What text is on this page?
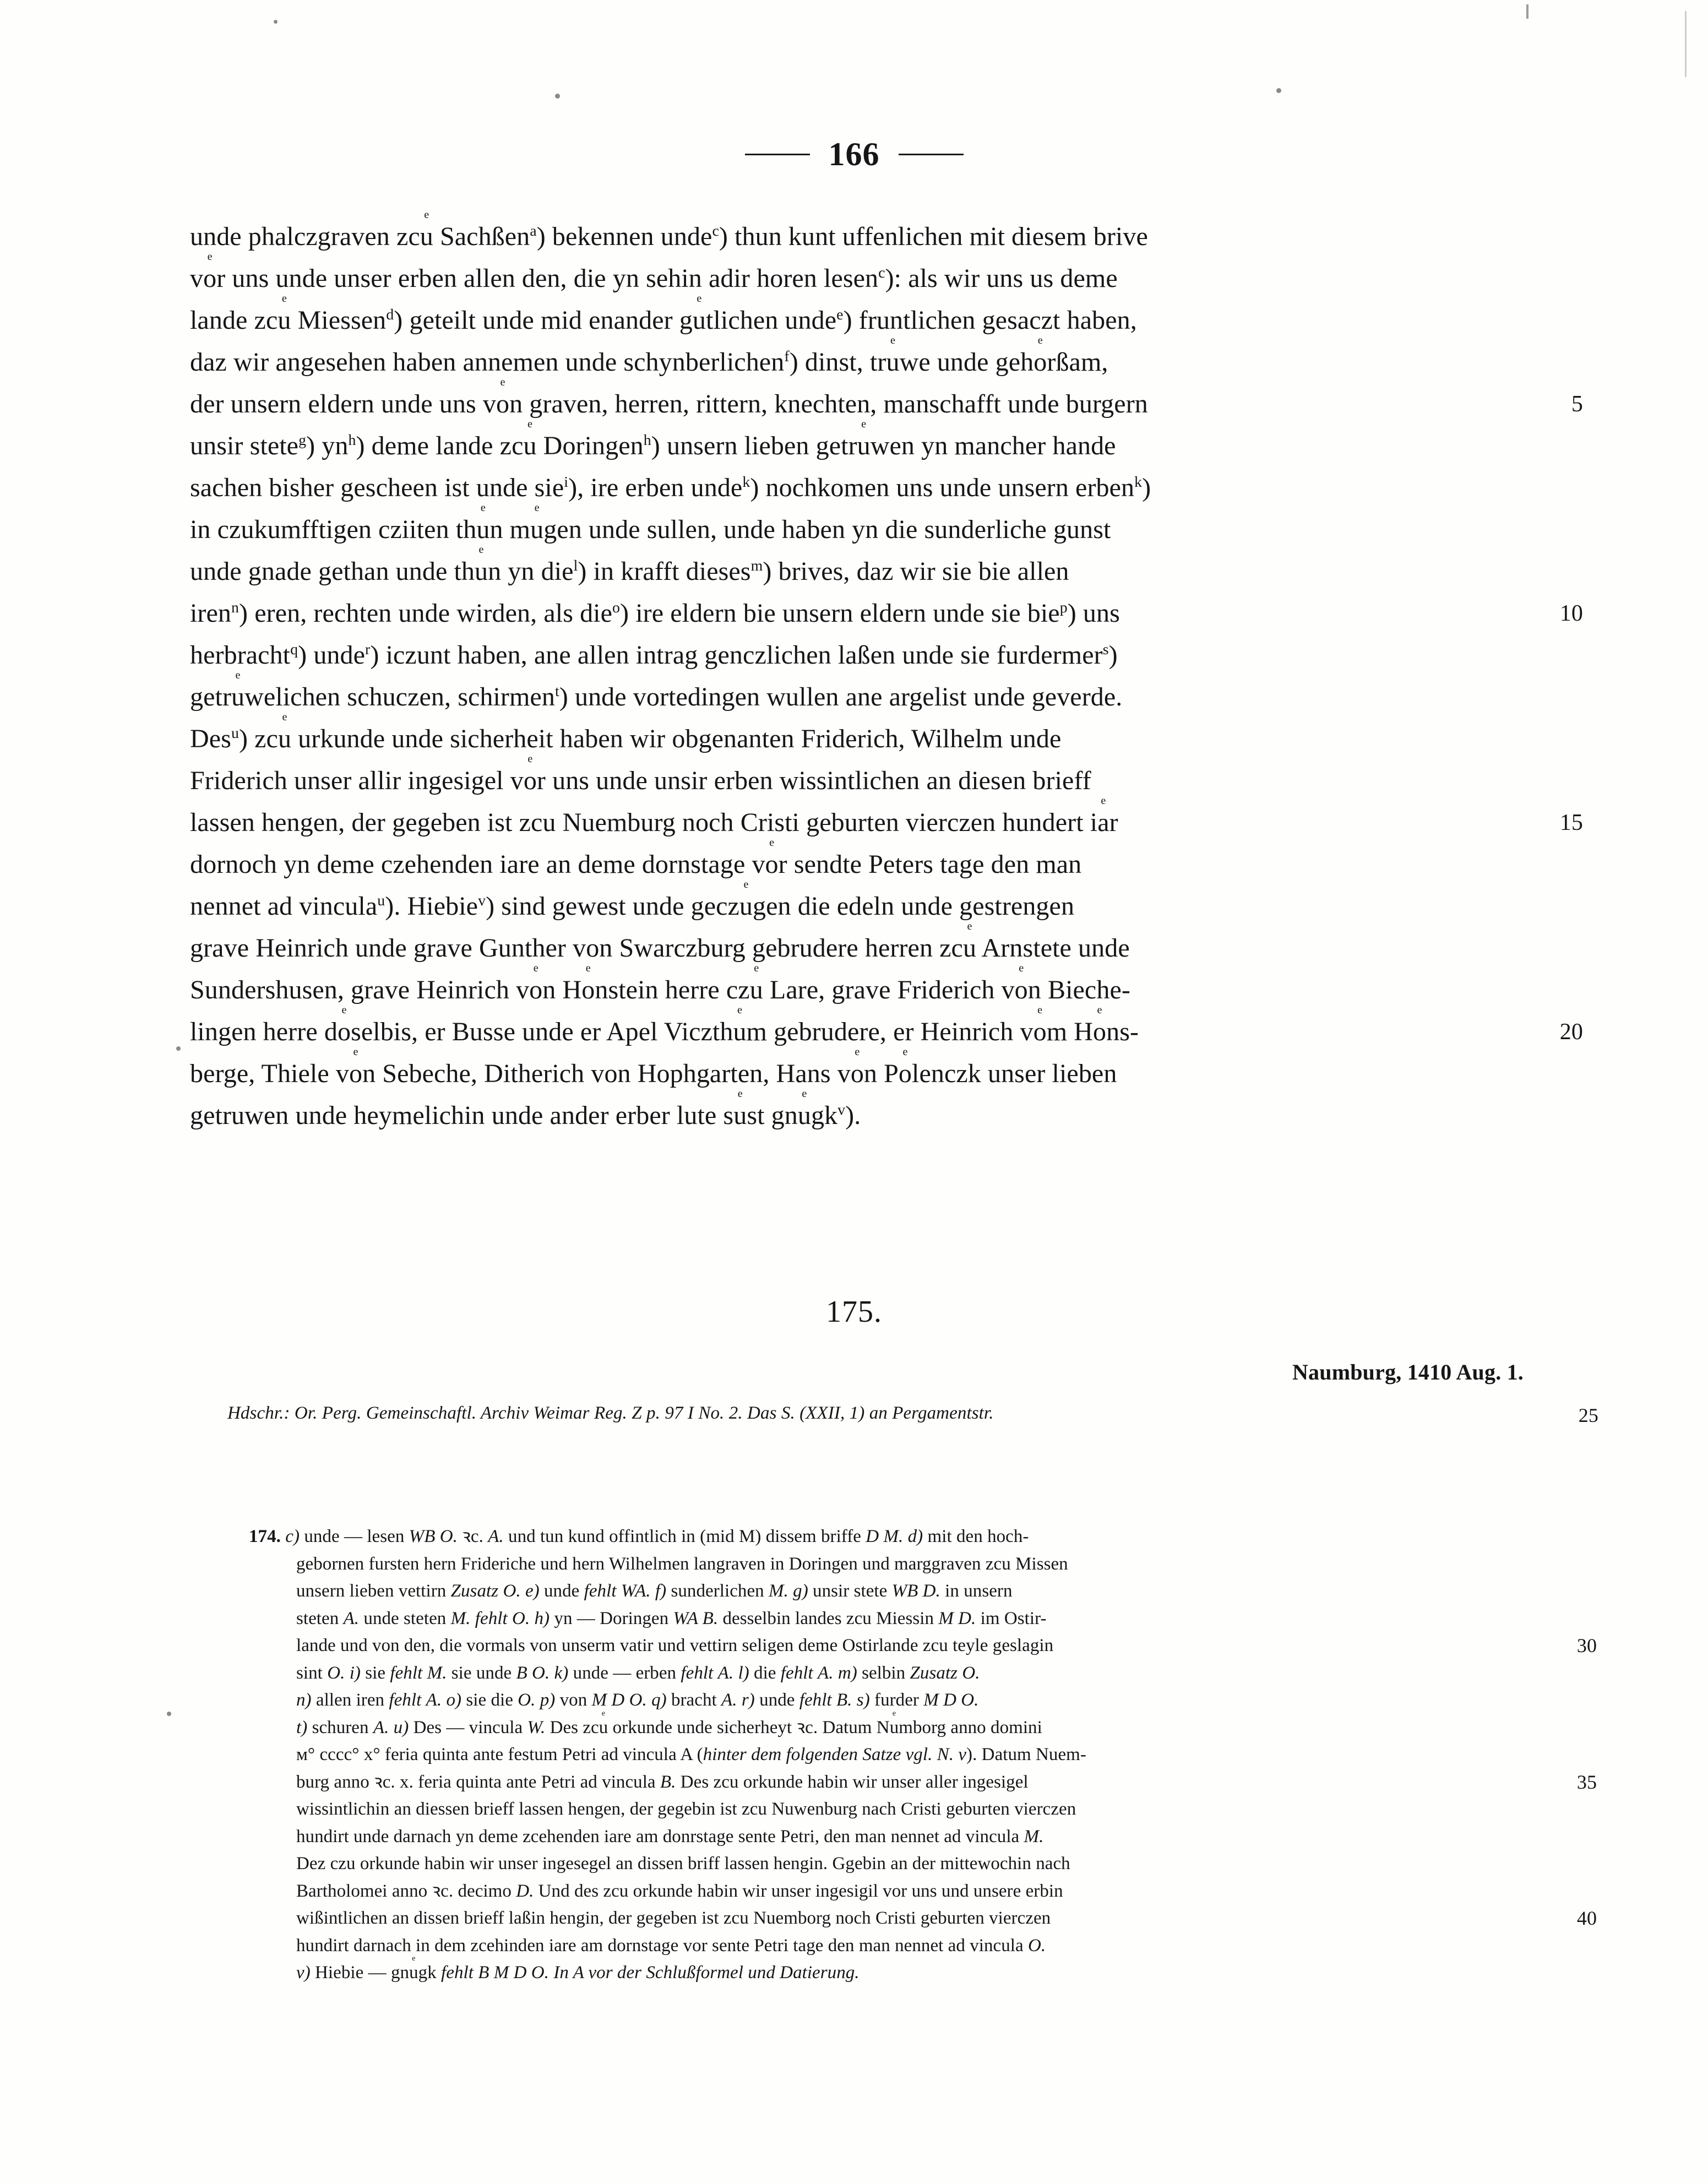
166
unde phalczgraven zcu
e
Sachßen$^a$) bekennen unde$^c$) thun kunt uffenlichen mit diesem brive
vo
e
r uns unde unser erben allen den, die yn sehin adir horen lesen$^c$): als wir uns us deme
lande zcu
e
Miessen$^d$) geteilt unde mid enander gu
e
tlichen unde$^e$) fruntlichen gesaczt haben,
daz wir angesehen haben annemen unde schynberlichen$^f$) dinst, tru
e
we unde geho
e
rßam,
der unsern eldern unde uns vo
e
n graven, herren, rittern, knechten, manschafft unde burgern	5
unsir stete$^g$) $yn^h$) deme lande zcu
e
Doringen$^h$) unsern lieben getru
e
wen yn mancher hande
sachen bisher gescheen ist unde sie$^i$), ire erben unde$^k$) nochkomen uns unde unsern erben$^k$)
in czukumfftigen cziiten thu
e
n mu
e
gen unde sullen, unde haben yn die sunderliche gunst
unde gnade gethan unde thu
e
n yn die$^l$) in krafft dieses$^m$) brives, daz wir sie bie allen
iren$^n$) eren, rechten unde wirden, als die$^o$) ire eldern bie unsern eldern unde sie bie$^p$) uns	10
herbracht$^q$) unde$^r$) iczunt haben, ane allen intrag genczlichen laßen unde sie furdermer$^s$)
getru
e
welichen schuczen, schirmen$^t$) unde vortedingen wullen ane argelist unde geverde.
Des$^u$) zcu
e
urkunde unde sicherheit haben wir obgenanten Friderich, Wilhelm unde
Friderich unser allir ingesigel vo
e
r uns unde unsir erben wissintlichen an diesen brieff
lassen hengen, der gegeben ist zcu Nuemburg noch Cristi geburten vierczen hundert ia
e
r	15
dornoch yn deme czehenden iare an deme dornstage vo
e
r sendte Peters tage den man
nennet ad vincula$^u$). Hiebie$^v$) sind gewest unde geczu
e
gen die edeln unde gestrengen
grave Heinrich unde grave Gunther von Swarczburg gebrudere herren zcu
e
Arnstete unde
Sundershusen, grave Heinrich vo
e
n Ho
e
nstein herre czu
e
Lare, grave Friderich vo
e
n Bieche-
lingen herre do
e
selbis, er Busse unde er Apel Viczthu
e
m gebrudere, er Heinrich vo
e
m Ho
e
ns-	20
berge, Thiele vo
e
n Sebeche, Ditherich von Hophgarten, Hans vo
e
n Po
e
lenczk unser lieben
getruwen unde heymelichin unde ander erber lute su
e
st gnu
e
$gk^v$).
175.
Naumburg, 1410 Aug. 1.
Hdschr.: Or. Perg. Gemeinschaftl. Archiv Weimar Reg. Z p. 97 I No. 2. Das S. (XXII, 1) an Pergamentstr.	25
174. c) unde — lesen WB O. ꝛc. A. und tun kund offintlich in (mid M) dissem briffe D M. d) mit den hoch-
gebornen fursten hern Frideriche und hern Wilhelmen langraven in Doringen und marggraven zcu Missen
unsern lieben vettirn Zusatz O. e) unde fehlt WA. f) sunderlichen M. g) unsir stete WB D. in unsern
steten A. unde steten M. fehlt O. h) yn — Doringen WA B. desselbin landes zcu Miessin M D. im Ostir-
lande und von den, die vormals von unserm vatir und vettirn seligen deme Ostirlande zcu teyle geslagin	30
sint O. i) sie fehlt M. sie unde B O. k) unde — erben fehlt A. l) die fehlt A. m) selbin Zusatz O.
n) allen iren fehlt A. o) sie die O. p) von M D O. q) bracht A. r) unde fehlt B. s) furder M D O.
t) schuren A. u) Des — vincula W. Des zcu
e
orkunde unde sicherheyt ꝛc. Datum Nu
e
mborg anno domini
м° cccc° x° feria quinta ante festum Petri ad vincula A (hinter dem folgenden Satze vgl. N. v). Datum Nuem-
burg anno ꝛc. x. feria quinta ante Petri ad vincula B. Des zcu orkunde habin wir unser aller ingesigel	35
wissintlichin an diessen brieff lassen hengen, der gegebin ist zcu Nuwenburg nach Cristi geburten vierczen
hundirt unde darnach yn deme zcehenden iare am donrstage sente Petri, den man nennet ad vincula M.
Dez czu orkunde habin wir unser ingesegel an dissen briff lassen hengin. Ggebin an der mittewochin nach
Bartholomei anno ꝛc. decimo D. Und des zcu orkunde habin wir unser ingesigil vor uns und unsere erbin
wißintlichen an dissen brieff laßin hengin, der gegeben ist zcu Nuemborg noch Cristi geburten vierczen	40
hundirt darnach in dem zcehinden iare am dornstage vor sente Petri tage den man nennet ad vincula O.
v) Hiebie — gnu
e
gk fehlt B M D O. In A vor der Schlußformel und Datierung.
